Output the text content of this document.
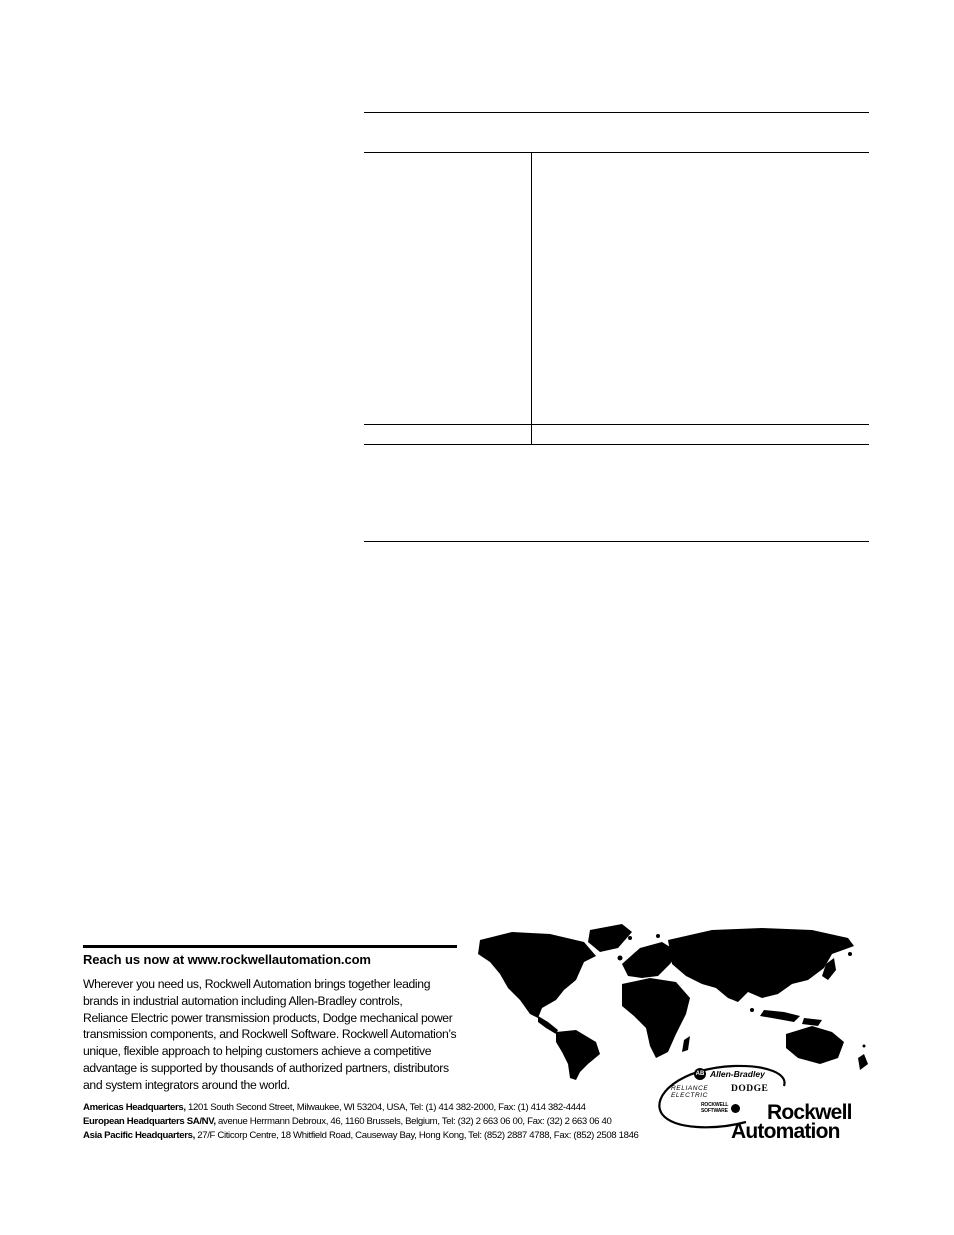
Reach us now at www.rockwellautomation.com
Wherever you need us, Rockwell Automation brings together leading
brands in industrial automation including Allen-Bradley controls,
Reliance Electric power transmission products, Dodge mechanical power
transmission components, and Rockwell Software. Rockwell Automation’s
unique, flexible approach to helping customers achieve a competitive
advantage is supported by thousands of authorized partners, distributors
and system integrators around the world.
Americas Headquarters, 1201 South Second Street, Milwaukee, WI 53204, USA, Tel: (1) 414 382-2000, Fax: (1) 414 382-4444
European Headquarters SA/NV, avenue Herrmann Debroux, 46, 1160 Brussels, Belgium, Tel: (32) 2 663 06 00, Fax: (32) 2 663 06 40
Asia Pacific Headquarters, 27/F Citicorp Centre, 18 Whitfield Road, Causeway Bay, Hong Kong, Tel: (852) 2887 4788, Fax: (852) 2508 1846
AB Allen-Bradley
RELIANCE
ELECTRIC
DODGE
ROCKWELL
SOFTWARE Rockwell
Automation
